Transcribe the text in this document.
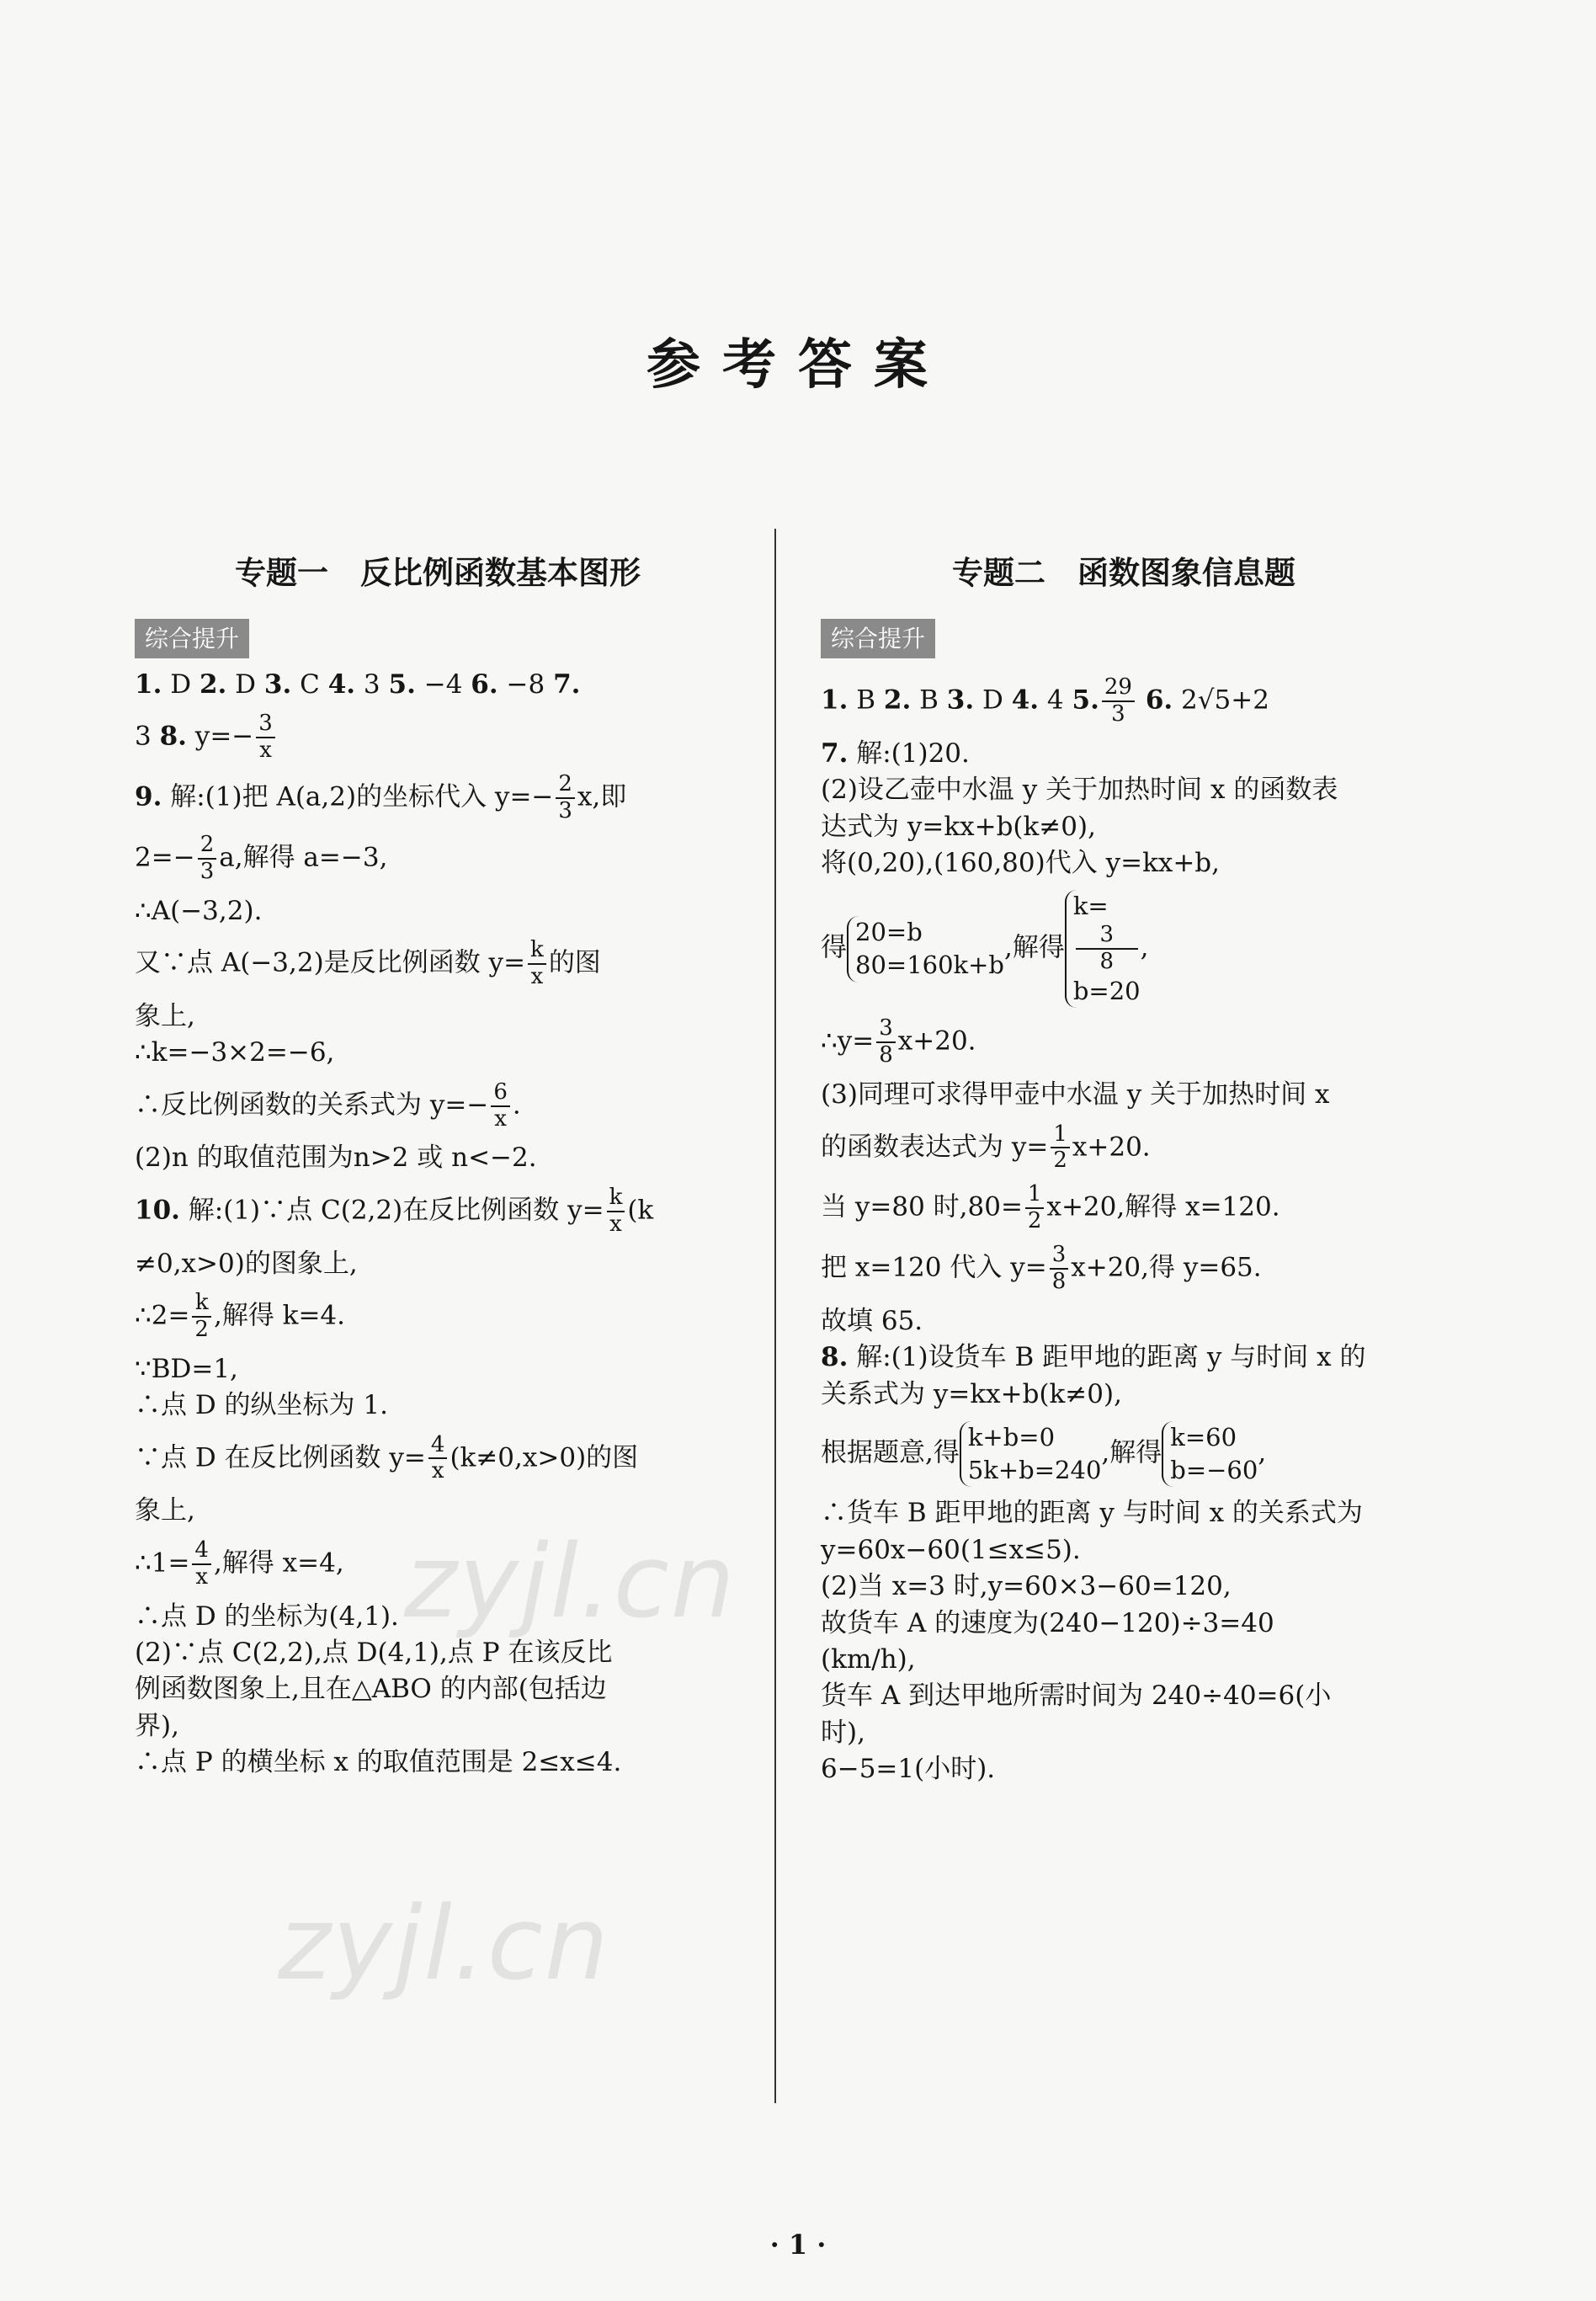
参考答案
专题一 反比例函数基本图形
综合提升

1. D 2. D 3. C 4. 3 5. −4 6. −8 7.

3 8. $y=- \frac{3}{x}$

9. 解:(1)把 A(a,2)的坐标代入 $y=- \frac{2}{3} x$,即

$2=- \frac{2}{3} a$,解得 a=−3,

∴A(−3,2).

又∵点 A(−3,2)是反比例函数 $y= \frac{k}{x}$ 的图

象上,

∴k=−3×2=−6,

∴反比例函数的关系式为 $y=- \frac{6}{x}$ .

(2)n 的取值范围为n>2 或 n<−2.

10. 解:(1)∵点 C(2,2)在反比例函数 $y= \frac{k}{x} (k$

≠0,x>0)的图象上,

∴2= $\frac{k}{2}$ ,解得 k=4.

∵BD=1,

∴点 D 的纵坐标为 1.

∵点 D 在反比例函数 $y= \frac{4}{x} (k\ne 0,x>0)$的图

象上,

∴1= $\frac{4}{x}$ ,解得 x=4,

∴点 D 的坐标为(4,1).

(2)∵点 C(2,2),点 D(4,1),点 P 在该反比

例函数图象上,且在△ABO 的内部(包括边

界),

∴点 P 的横坐标 x 的取值范围是 2≤x≤4.

专题二 函数图象信息题
综合提升

1. B 2. B 3. D 4. 4 5. $\frac{29}{3} 6$. 2√5+2

7. 解:(1)20.

(2)设乙壶中水温 y 关于加热时间 x 的函数表

达式为 y=kx+b(k≠0),

将(0,20),(160,80)代入 y=kx+b,

得
20=b
80=160k+b
,解得
k=
3
8
b=20
,

∴y= $\frac{3}{8} x+20$.

(3)同理可求得甲壶中水温 y 关于加热时间 x

的函数表达式为 $y= \frac{1}{2} x+20$.

当 y=80 时$,80= \frac{1}{2} x+20$,解得 x=120.

把 x=120 代入 $y= \frac{3}{8} x+20$,得 y=65.

故填 65.

8. 解:(1)设货车 B 距甲地的距离 y 与时间 x 的

关系式为 y=kx+b(k≠0),

根据题意,得
k+b=0
5k+b=240
,解得
k=60
b=−60
,

∴货车 B 距甲地的距离 y 与时间 x 的关系式为

y=60x−60(1≤x≤5).

(2)当 x=3 时,y=60×3−60=120,

故货车 A 的速度为(240−120)÷3=40

(km/h),

货车 A 到达甲地所需时间为 240÷40=6(小

时),

6−5=1(小时).

zyjl.cn
zyjl.cn
· 1 ·
